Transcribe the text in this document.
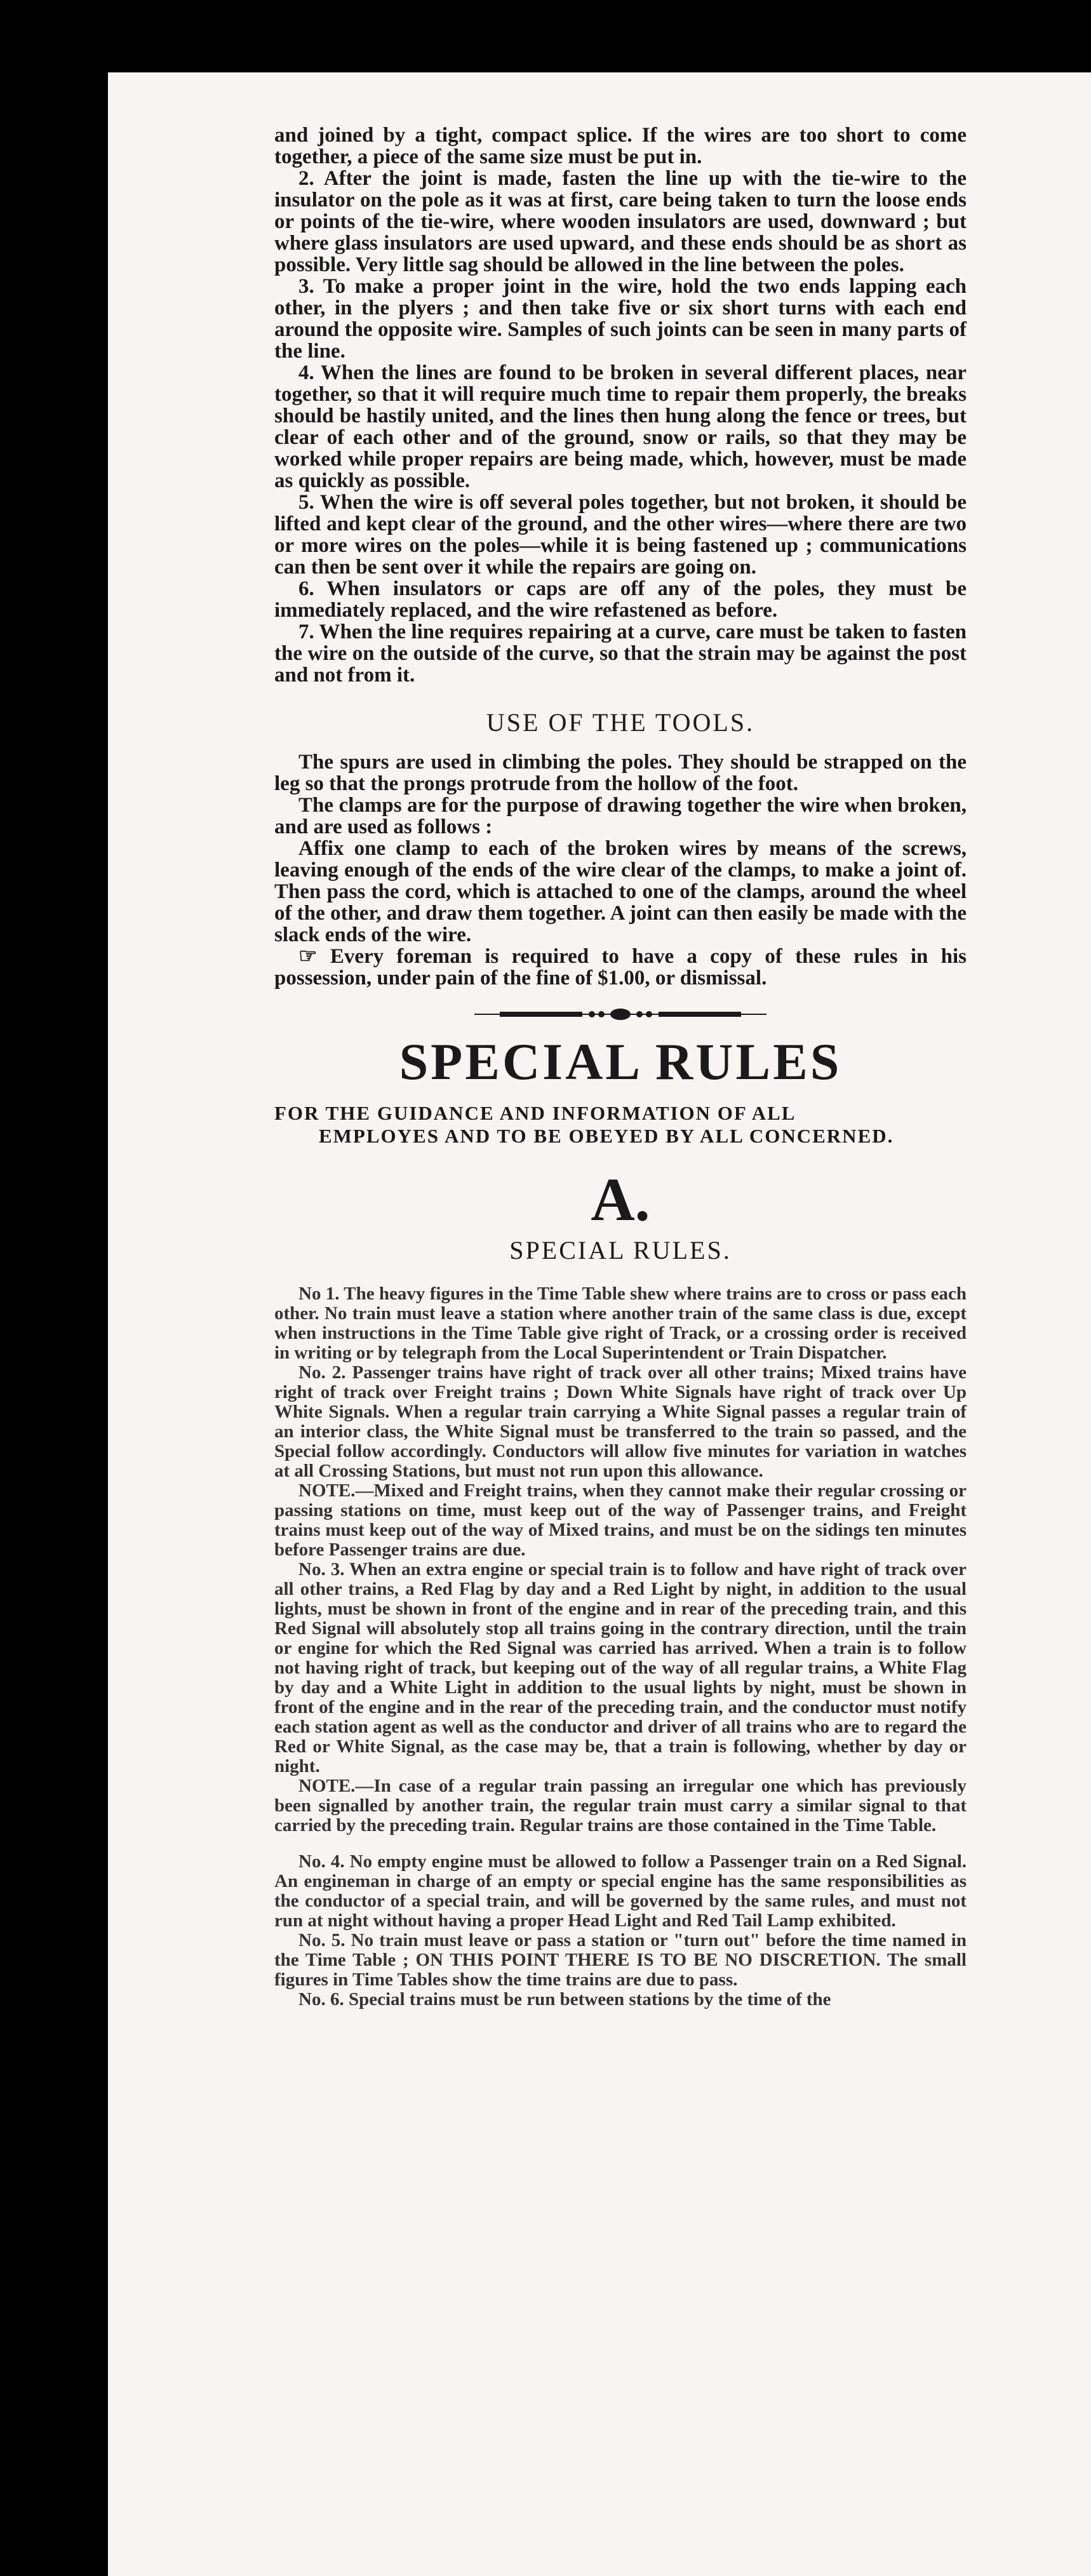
and joined by a tight, compact splice. If the wires are too short to come together, a piece of the same size must be put in.

2. After the joint is made, fasten the line up with the tie-wire to the insulator on the pole as it was at first, care being taken to turn the loose ends or points of the tie-wire, where wooden insulators are used, downward ; but where glass insulators are used upward, and these ends should be as short as possible. Very little sag should be allowed in the line between the poles.

3. To make a proper joint in the wire, hold the two ends lapping each other, in the plyers ; and then take five or six short turns with each end around the opposite wire. Samples of such joints can be seen in many parts of the line.

4. When the lines are found to be broken in several different places, near together, so that it will require much time to repair them properly, the breaks should be hastily united, and the lines then hung along the fence or trees, but clear of each other and of the ground, snow or rails, so that they may be worked while proper repairs are being made, which, however, must be made as quickly as possible.

5. When the wire is off several poles together, but not broken, it should be lifted and kept clear of the ground, and the other wires—where there are two or more wires on the poles—while it is being fastened up ; communications can then be sent over it while the repairs are going on.

6. When insulators or caps are off any of the poles, they must be immediately replaced, and the wire refastened as before.

7. When the line requires repairing at a curve, care must be taken to fasten the wire on the outside of the curve, so that the strain may be against the post and not from it.

USE OF THE TOOLS.

The spurs are used in climbing the poles. They should be strapped on the leg so that the prongs protrude from the hollow of the foot.

The clamps are for the purpose of drawing together the wire when broken, and are used as follows :

Affix one clamp to each of the broken wires by means of the screws, leaving enough of the ends of the wire clear of the clamps, to make a joint of. Then pass the cord, which is attached to one of the clamps, around the wheel of the other, and draw them together. A joint can then easily be made with the slack ends of the wire.

☞ Every foreman is required to have a copy of these rules in his possession, under pain of the fine of $1.00, or dismissal.

SPECIAL RULES
FOR THE GUIDANCE AND INFORMATION OF ALL
EMPLOYES AND TO BE OBEYED BY ALL CONCERNED.
A.
SPECIAL RULES.

No 1. The heavy figures in the Time Table shew where trains are to cross or pass each other. No train must leave a station where another train of the same class is due, except when instructions in the Time Table give right of Track, or a crossing order is received in writing or by telegraph from the Local Superintendent or Train Dispatcher.

No. 2. Passenger trains have right of track over all other trains; Mixed trains have right of track over Freight trains ; Down White Signals have right of track over Up White Signals. When a regular train carrying a White Signal passes a regular train of an interior class, the White Signal must be transferred to the train so passed, and the Special follow accordingly. Conductors will allow five minutes for variation in watches at all Crossing Stations, but must not run upon this allowance.

NOTE.—Mixed and Freight trains, when they cannot make their regular crossing or passing stations on time, must keep out of the way of Passenger trains, and Freight trains must keep out of the way of Mixed trains, and must be on the sidings ten minutes before Passenger trains are due.

No. 3. When an extra engine or special train is to follow and have right of track over all other trains, a Red Flag by day and a Red Light by night, in addition to the usual lights, must be shown in front of the engine and in rear of the preceding train, and this Red Signal will absolutely stop all trains going in the contrary direction, until the train or engine for which the Red Signal was carried has arrived. When a train is to follow not having right of track, but keeping out of the way of all regular trains, a White Flag by day and a White Light in addition to the usual lights by night, must be shown in front of the engine and in the rear of the preceding train, and the conductor must notify each station agent as well as the conductor and driver of all trains who are to regard the Red or White Signal, as the case may be, that a train is following, whether by day or night.

NOTE.—In case of a regular train passing an irregular one which has previously been signalled by another train, the regular train must carry a similar signal to that carried by the preceding train. Regular trains are those contained in the Time Table.

No. 4. No empty engine must be allowed to follow a Passenger train on a Red Signal. An engineman in charge of an empty or special engine has the same responsibilities as the conductor of a special train, and will be governed by the same rules, and must not run at night without having a proper Head Light and Red Tail Lamp exhibited.

No. 5. No train must leave or pass a station or "turn out" before the time named in the Time Table ; ON THIS POINT THERE IS TO BE NO DISCRETION. The small figures in Time Tables show the time trains are due to pass.

No. 6. Special trains must be run between stations by the time of the
